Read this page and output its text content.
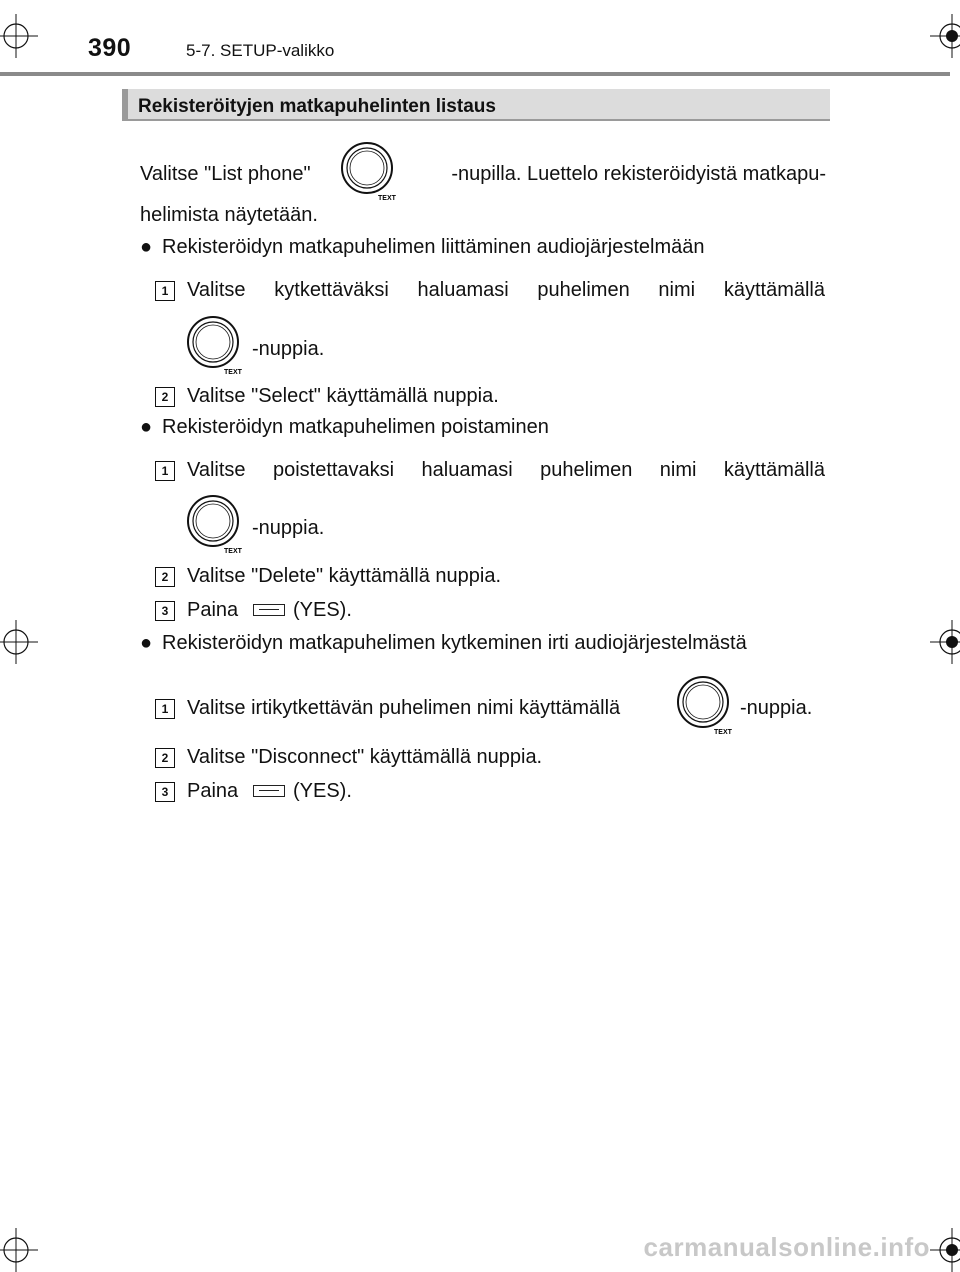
390	5-7. SETUP-valikko
Rekisteröityjen matkapuhelinten listaus
Valitse "List phone"
TEXT
-nupilla. Luettelo rekisteröidyistä matkapu-
helimista näytetään.
● Rekisteröidyn matkapuhelimen liittäminen audiojärjestelmään
1 Valitse kytkettäväksi haluamasi puhelimen nimi käyttämällä
TEXT
-nuppia.
2 Valitse "Select" käyttämällä nuppia.
● Rekisteröidyn matkapuhelimen poistaminen
1 Valitse poistettavaksi haluamasi puhelimen nimi käyttämällä
TEXT
-nuppia.
2 Valitse "Delete" käyttämällä nuppia.
3 Paina	(YES).
● Rekisteröidyn matkapuhelimen kytkeminen irti audiojärjestelmästä
1 Valitse irtikytkettävän puhelimen nimi käyttämällä
TEXT
-nuppia.
2 Valitse "Disconnect" käyttämällä nuppia.
3 Paina	(YES).
carmanualsonline.info
